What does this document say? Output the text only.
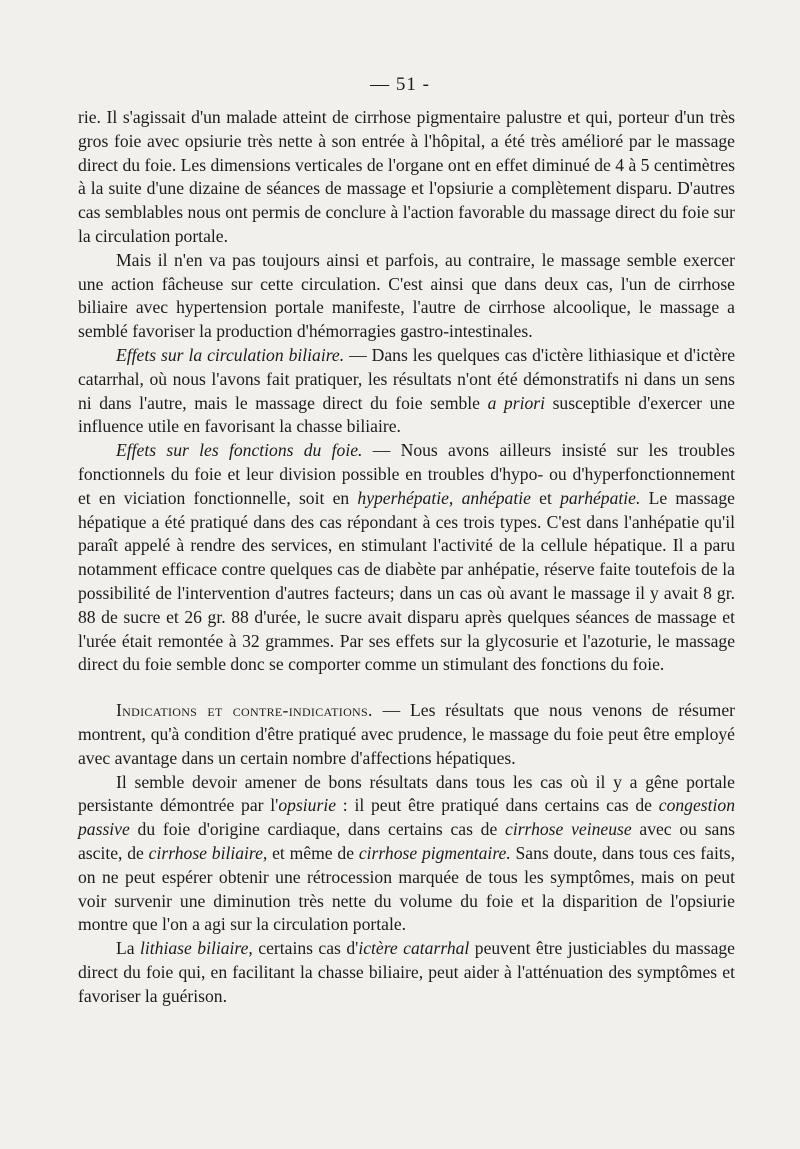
— 51 -

rie. Il s'agissait d'un malade atteint de cirrhose pigmentaire palustre et qui, porteur d'un très gros foie avec opsiurie très nette à son entrée à l'hôpital, a été très amélioré par le massage direct du foie. Les dimensions verticales de l'organe ont en effet diminué de 4 à 5 centimètres à la suite d'une dizaine de séances de massage et l'opsiurie a complètement disparu. D'autres cas semblables nous ont permis de conclure à l'action favorable du massage direct du foie sur la circulation portale.

Mais il n'en va pas toujours ainsi et parfois, au contraire, le massage semble exercer une action fâcheuse sur cette circulation. C'est ainsi que dans deux cas, l'un de cirrhose biliaire avec hypertension portale manifeste, l'autre de cirrhose alcoolique, le massage a semblé favoriser la production d'hémorragies gastro-intestinales.

Effets sur la circulation biliaire. — Dans les quelques cas d'ictère lithiasique et d'ictère catarrhal, où nous l'avons fait pratiquer, les résultats n'ont été démonstratifs ni dans un sens ni dans l'autre, mais le massage direct du foie semble a priori susceptible d'exercer une influence utile en favorisant la chasse biliaire.

Effets sur les fonctions du foie. — Nous avons ailleurs insisté sur les troubles fonctionnels du foie et leur division possible en troubles d'hypo- ou d'hyperfonctionnement et en viciation fonctionnelle, soit en hyperhépatie, anhépatie et parhépatie. Le massage hépatique a été pratiqué dans des cas répondant à ces trois types. C'est dans l'anhépatie qu'il paraît appelé à rendre des services, en stimulant l'activité de la cellule hépatique. Il a paru notamment efficace contre quelques cas de diabète par anhépatie, réserve faite toutefois de la possibilité de l'intervention d'autres facteurs; dans un cas où avant le massage il y avait 8 gr. 88 de sucre et 26 gr. 88 d'urée, le sucre avait disparu après quelques séances de massage et l'urée était remontée à 32 grammes. Par ses effets sur la glycosurie et l'azoturie, le massage direct du foie semble donc se comporter comme un stimulant des fonctions du foie.

Indications et contre-indications. — Les résultats que nous venons de résumer montrent, qu'à condition d'être pratiqué avec prudence, le massage du foie peut être employé avec avantage dans un certain nombre d'affections hépatiques.

Il semble devoir amener de bons résultats dans tous les cas où il y a gêne portale persistante démontrée par l'opsiurie : il peut être pratiqué dans certains cas de congestion passive du foie d'origine cardiaque, dans certains cas de cirrhose veineuse avec ou sans ascite, de cirrhose biliaire, et même de cirrhose pigmentaire. Sans doute, dans tous ces faits, on ne peut espérer obtenir une rétrocession marquée de tous les symptômes, mais on peut voir survenir une diminution très nette du volume du foie et la disparition de l'opsiurie montre que l'on a agi sur la circulation portale.

La lithiase biliaire, certains cas d'ictère catarrhal peuvent être justiciables du massage direct du foie qui, en facilitant la chasse biliaire, peut aider à l'atténuation des symptômes et favoriser la guérison.
